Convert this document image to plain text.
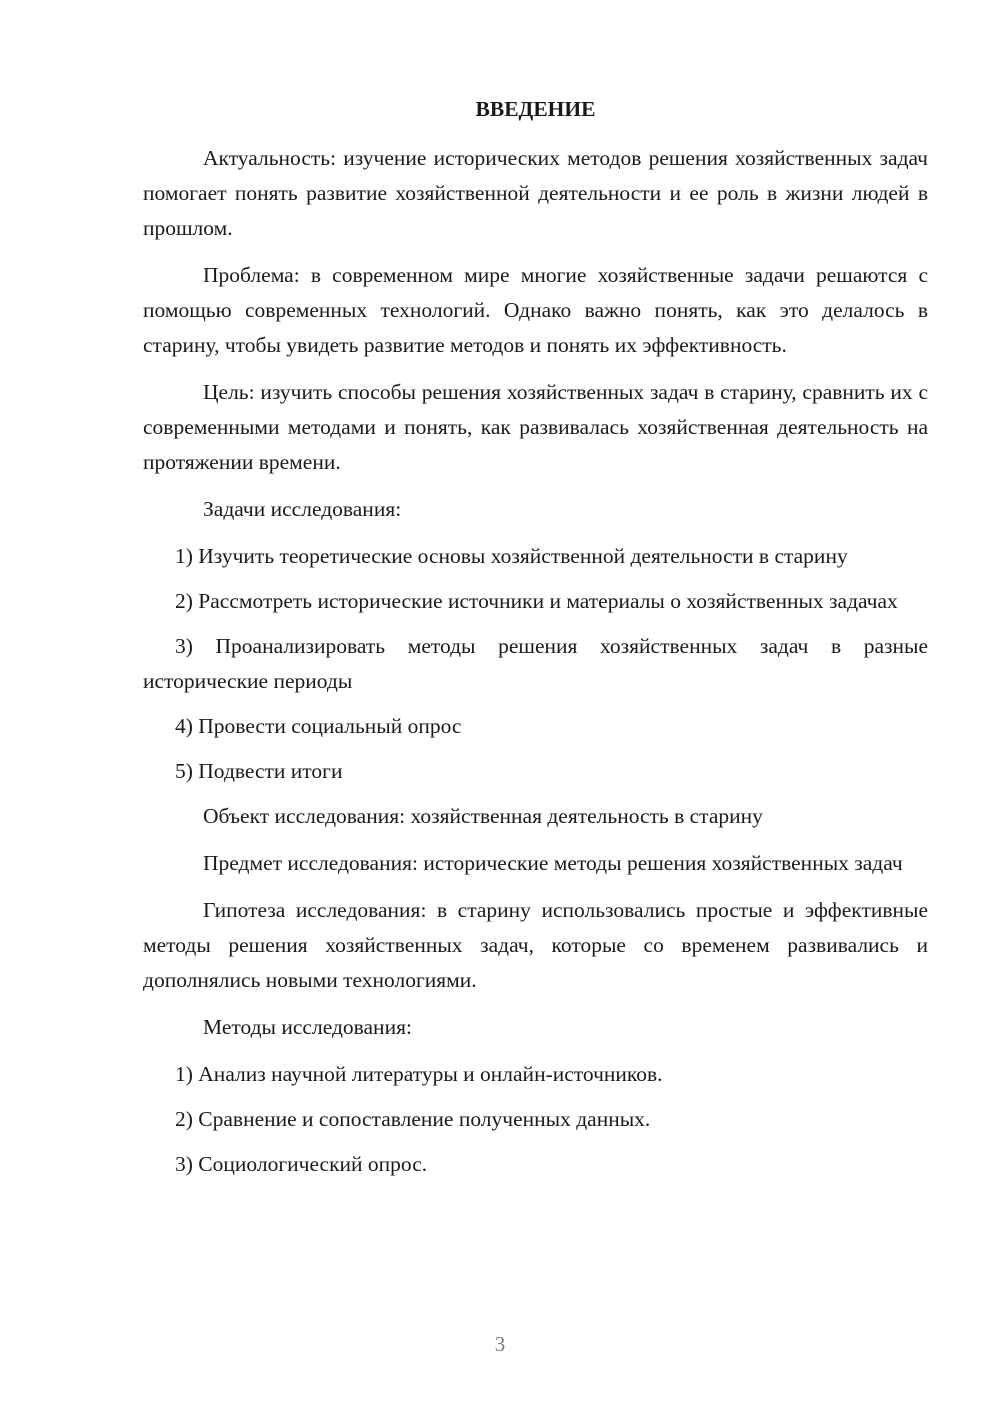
ВВЕДЕНИЕ

Актуальность: изучение исторических методов решения хозяйственных задач помогает понять развитие хозяйственной деятельности и ее роль в жизни людей в прошлом.

Проблема: в современном мире многие хозяйственные задачи решаются с помощью современных технологий. Однако важно понять, как это делалось в старину, чтобы увидеть развитие методов и понять их эффективность.

Цель: изучить способы решения хозяйственных задач в старину, сравнить их с современными методами и понять, как развивалась хозяйственная деятельность на протяжении времени.

Задачи исследования:

1) Изучить теоретические основы хозяйственной деятельности в старину

2) Рассмотреть исторические источники и материалы о хозяйственных задачах

3) Проанализировать методы решения хозяйственных задач в разные исторические периоды

4) Провести социальный опрос

5) Подвести итоги

Объект исследования: хозяйственная деятельность в старину

Предмет исследования: исторические методы решения хозяйственных задач

Гипотеза исследования: в старину использовались простые и эффективные методы решения хозяйственных задач, которые со временем развивались и дополнялись новыми технологиями.

Методы исследования:

1) Анализ научной литературы и онлайн-источников.

2) Сравнение и сопоставление полученных данных.

3) Социологический опрос.

3
